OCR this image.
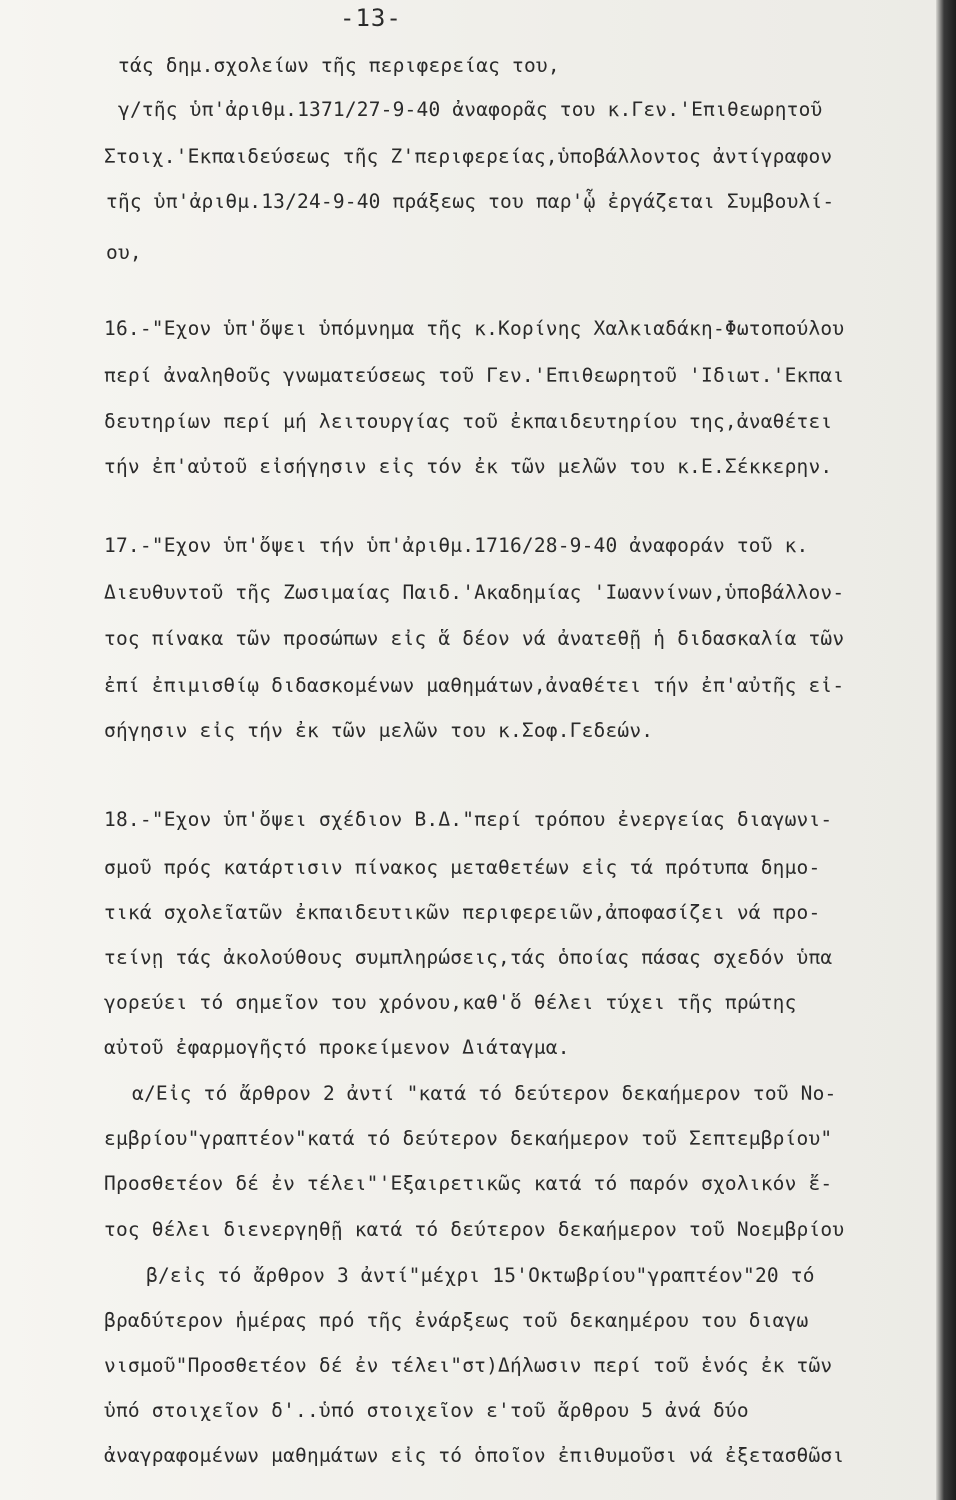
-13-
τάς δημ.σχολείων τῆς περιφερείας του,
γ/τῆς ὑπ'ἀριθμ.1371/27-9-40 ἀναφορᾶς του κ.Γεν.'Επιθεωρητοῦ
Στοιχ.'Εκπαιδεύσεως τῆς Ζ'περιφερείας,ὑποβάλλοντος ἀντίγραφον
τῆς ὑπ'ἀριθμ.13/24-9-40 πράξεως του παρ'ᾧ ἐργάζεται Συμβουλί-
ου,
16.-"Εχον ὑπ'ὄψει ὑπόμνημα τῆς κ.Κορίνης Χαλκιαδάκη-Φωτοπούλου
περί ἀναληθοῦς γνωματεύσεως τοῦ Γεν.'Επιθεωρητοῦ 'Ιδιωτ.'Εκπαι
δευτηρίων περί μή λειτουργίας τοῦ ἐκπαιδευτηρίου της,ἀναθέτει
τήν ἐπ'αὐτοῦ εἰσήγησιν εἰς τόν ἐκ τῶν μελῶν του κ.Ε.Σέκκερην.
17.-"Εχον ὑπ'ὄψει τήν ὑπ'ἀριθμ.1716/28-9-40 ἀναφοράν τοῦ κ.
Διευθυντοῦ τῆς Ζωσιμαίας Παιδ.'Ακαδημίας 'Ιωαννίνων,ὑποβάλλον-
τος πίνακα τῶν προσώπων εἰς ἅ δέον νά ἀνατεθῇ ἡ διδασκαλία τῶν
ἐπί ἐπιμισθίῳ διδασκομένων μαθημάτων,ἀναθέτει τήν ἐπ'αὐτῆς εἰ-
σήγησιν εἰς τήν ἐκ τῶν μελῶν του κ.Σοφ.Γεδεών.
18.-"Εχον ὑπ'ὄψει σχέδιον Β.Δ."περί τρόπου ἐνεργείας διαγωνι-
σμοῦ πρός κατάρτισιν πίνακος μεταθετέων εἰς τά πρότυπα δημο-
τικά σχολεῖατῶν ἐκπαιδευτικῶν περιφερειῶν,ἀποφασίζει νά προ-
τείνῃ τάς ἀκολούθους συμπληρώσεις,τάς ὁποίας πάσας σχεδόν ὑπα
γορεύει τό σημεῖον του χρόνου,καθ'ὅ θέλει τύχει τῆς πρώτης
αὐτοῦ ἐφαρμογῆςτό προκείμενον Διάταγμα.
α/Εἰς τό ἄρθρον 2 ἀντί "κατά τό δεύτερον δεκαήμερον τοῦ Νο-
εμβρίου"γραπτέον"κατά τό δεύτερον δεκαήμερον τοῦ Σεπτεμβρίου"
Προσθετέον δέ ἐν τέλει"'Εξαιρετικῶς κατά τό παρόν σχολικόν ἔ-
τος θέλει διενεργηθῇ κατά τό δεύτερον δεκαήμερον τοῦ Νοεμβρίου
β/εἰς τό ἄρθρον 3 ἀντί"μέχρι 15'Οκτωβρίου"γραπτέον"20 τό
βραδύτερον ἡμέρας πρό τῆς ἐνάρξεως τοῦ δεκαημέρου του διαγω
νισμοῦ"Προσθετέον δέ ἐν τέλει"στ)Δήλωσιν περί τοῦ ἑνός ἐκ τῶν
ὑπό στοιχεῖον δ'..ὑπό στοιχεῖον ε'τοῦ ἄρθρου 5 ἀνά δύο
ἀναγραφομένων μαθημάτων εἰς τό ὁποῖον ἐπιθυμοῦσι νά ἐξετασθῶσι
